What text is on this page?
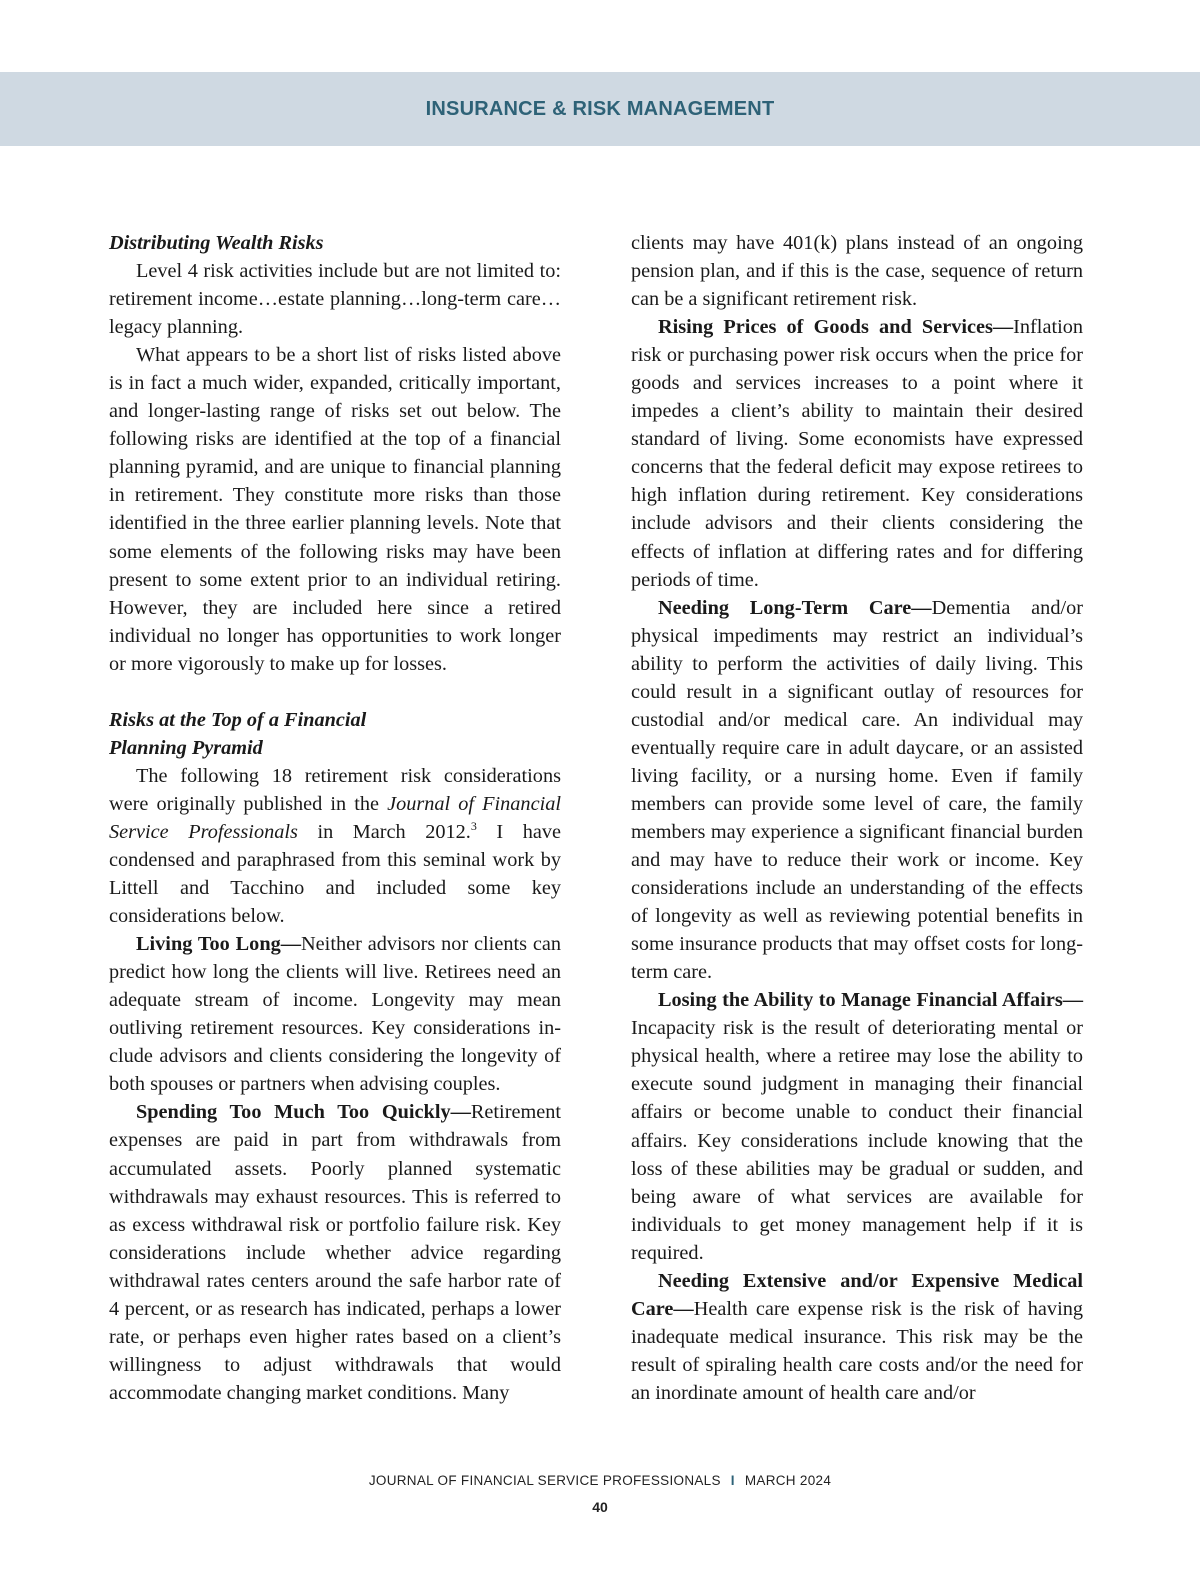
INSURANCE & RISK MANAGEMENT
Distributing Wealth Risks

Level 4 risk activities include but are not limited to: retirement income…estate planning…long-term care…legacy planning.

What appears to be a short list of risks listed above is in fact a much wider, expanded, critically important, and longer-lasting range of risks set out below. The following risks are identified at the top of a financial planning pyramid, and are unique to financial planning in retirement. They constitute more risks than those identified in the three earlier planning levels. Note that some elements of the following risks may have been present to some extent prior to an individual retiring. However, they are included here since a retired individual no longer has opportunities to work longer or more vigorously to make up for losses.

Risks at the Top of a Financial
Planning Pyramid

The following 18 retirement risk considerations were originally published in the Journal of Financial Service Professionals in March 2012.$^3$ I have condensed and paraphrased from this seminal work by Littell and Tacchino and included some key considerations below.

Living Too Long—Neither advisors nor clients can predict how long the clients will live. Retirees need an adequate stream of income. Longevity may mean outliving retirement resources. Key considerations include advisors and clients considering the longevity of both spouses or partners when advising couples.

Spending Too Much Too Quickly—Retirement expenses are paid in part from withdrawals from accumulated assets. Poorly planned systematic withdrawals may exhaust resources. This is referred to as excess withdrawal risk or portfolio failure risk. Key considerations include whether advice regarding withdrawal rates centers around the safe harbor rate of 4 percent, or as research has indicated, perhaps a lower rate, or perhaps even higher rates based on a client’s willingness to adjust withdrawals that would accommodate changing market conditions. Many

clients may have 401(k) plans instead of an ongoing pension plan, and if this is the case, sequence of return can be a significant retirement risk.

Rising Prices of Goods and Services—Inflation risk or purchasing power risk occurs when the price for goods and services increases to a point where it impedes a client’s ability to maintain their desired standard of living. Some economists have expressed concerns that the federal deficit may expose retirees to high inflation during retirement. Key considerations include advisors and their clients considering the effects of inflation at differing rates and for differing periods of time.

Needing Long-Term Care—Dementia and/or physical impediments may restrict an individual’s ability to perform the activities of daily living. This could result in a significant outlay of resources for custodial and/or medical care. An individual may eventually require care in adult daycare, or an assisted living facility, or a nursing home. Even if family members can provide some level of care, the family members may experience a significant financial burden and may have to reduce their work or income. Key considerations include an understanding of the effects of longevity as well as reviewing potential benefits in some insurance products that may offset costs for long-term care.

Losing the Ability to Manage Financial Affairs—Incapacity risk is the result of deteriorating mental or physical health, where a retiree may lose the ability to execute sound judgment in managing their financial affairs or become unable to conduct their financial affairs. Key considerations include knowing that the loss of these abilities may be gradual or sudden, and being aware of what services are available for individuals to get money management help if it is required.

Needing Extensive and/or Expensive Medical Care—Health care expense risk is the risk of having inadequate medical insurance. This risk may be the result of spiraling health care costs and/or the need for an inordinate amount of health care and/or

JOURNAL OF FINANCIAL SERVICE PROFESSIONALS I MARCH 2024
40
